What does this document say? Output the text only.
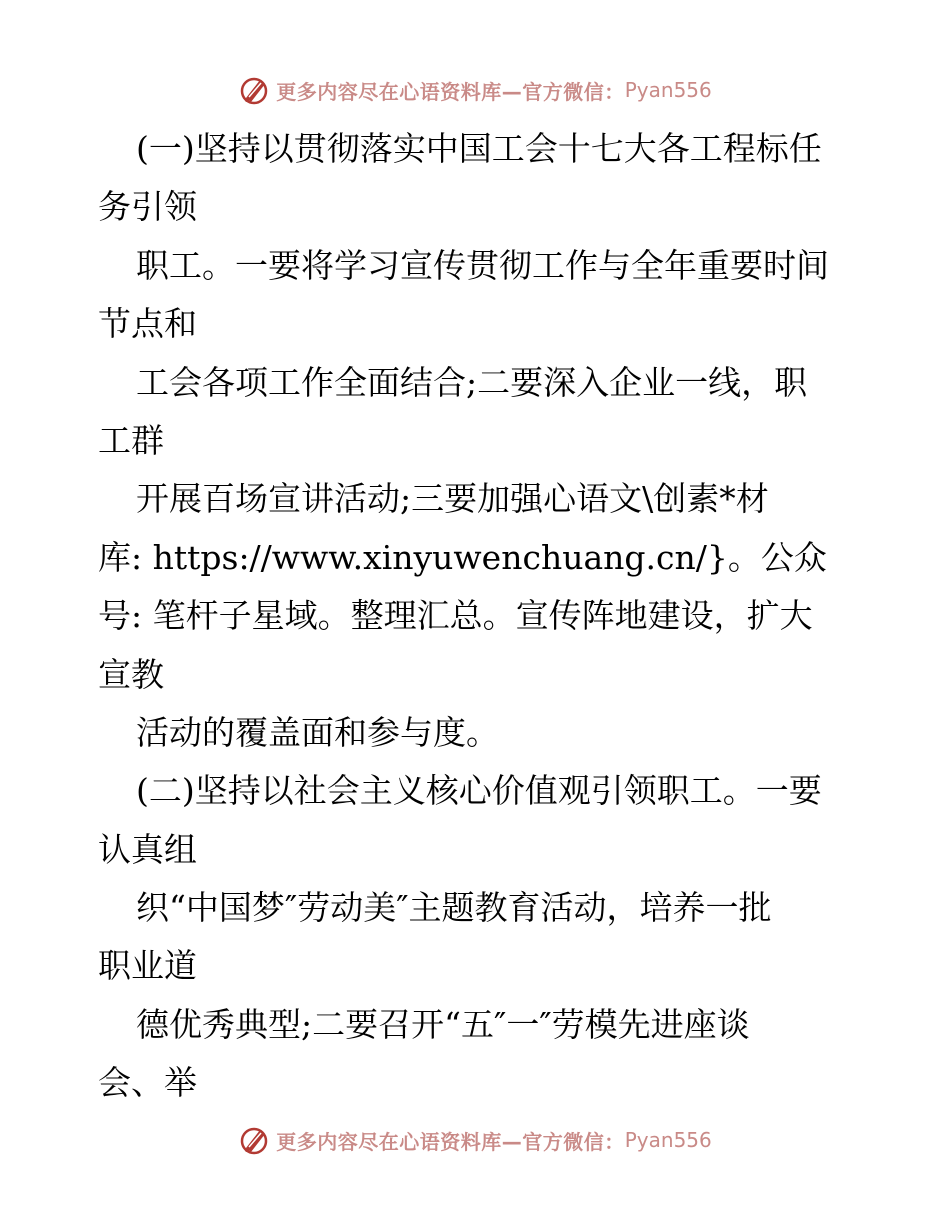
更多内容尽在心语资料库—官方微信： Pyan556
(一)坚持以贯彻落实中国工会十七大各工程标任
务引领
职工。一要将学习宣传贯彻工作与全年重要时间
节点和
工会各项工作全面结合;二要深入企业一线，职
工群
开展百场宣讲活动;三要加强心语文\创素*材
库: https://www.xinyuwenchuang.cn/}。公众
号: 笔杆子星域。整理汇总。宣传阵地建设，扩大
宣教
活动的覆盖面和参与度。
(二)坚持以社会主义核心价值观引领职工。一要
认真组
织“中国梦″劳动美″主题教育活动，培养一批
职业道
德优秀典型;二要召开“五″一″劳模先进座谈
会、举
更多内容尽在心语资料库—官方微信： Pyan556
